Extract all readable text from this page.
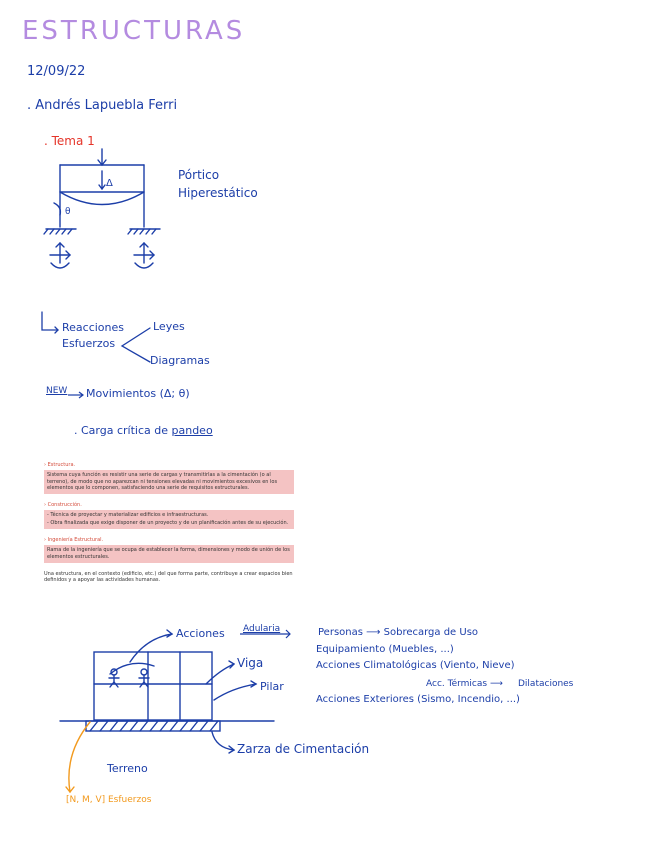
ESTRUCTURAS
12/09/22
. Andrés Lapuebla Ferri
. Tema 1
Δ
θ
Pórtico
Hiperestático
Reacciones
Esfuerzos
Leyes
Diagramas
NEW Movimientos (Δ; θ)
. Carga crítica de pandeo
› Estructura.

Sistema cuya función es resistir una serie de cargas y transmitirlas a la cimentación (o al terreno), de modo que no aparezcan ni tensiones elevadas ni movimientos excesivos en los elementos que lo componen, satisfaciendo una serie de requisitos estructurales.

› Construcción.

- Técnica de proyectar y materializar edificios e infraestructuras.

- Obra finalizada que exige disponer de un proyecto y de un planificación antes de su ejecución.

› Ingeniería Estructural.

Rama de la ingeniería que se ocupa de establecer la forma, dimensiones y modo de unión de los elementos estructurales.

Una estructura, en el contexto (edificio, etc.) del que forma parte, contribuye a crear espacios bien definidos y a apoyar las actividades humanas.

Acciones Adularia	Personas ⟶ Sobrecarga de Uso
Equipamiento (Muebles, ...)
Acciones Climatológicas (Viento, Nieve)
Acc. Térmicas ⟶ Dilataciones
Acciones Exteriores (Sismo, Incendio, ...)
Viga
Pilar
Zarza de Cimentación
Terreno
[N, M, V] Esfuerzos
